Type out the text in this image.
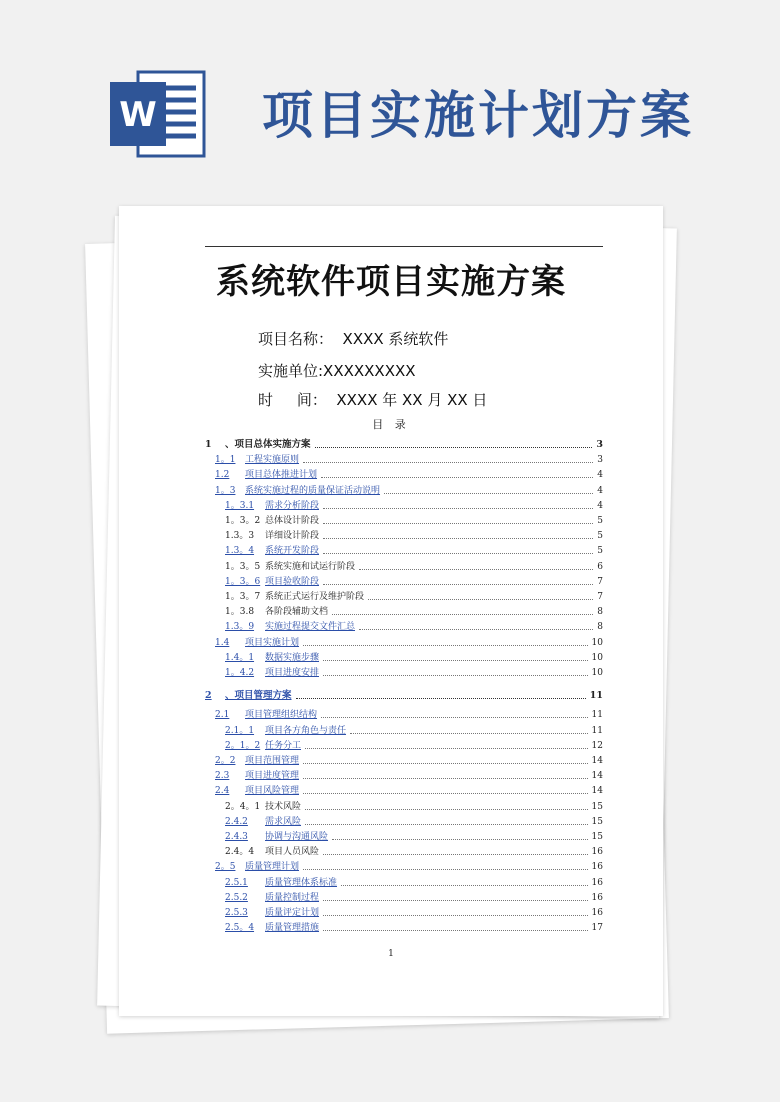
W 项目实施计划方案
系统软件项目实施方案
项目名称：  XXXX 系统软件
实施单位:XXXXXXXXX
时     间：  XXXX 年 XX 月 XX 日
目 录
1 、项目总体实施方案	3
1。1 工程实施原则	3
1.2 项目总体推进计划	4
1。3 系统实施过程的质量保证活动说明	4
1。3.1 需求分析阶段	4
1。3。2 总体设计阶段	5
1.3。3 详细设计阶段	5
1.3。4 系统开发阶段	5
1。3。5 系统实施和试运行阶段	6
1。3。6 项目验收阶段	7
1。3。7 系统正式运行及维护阶段	7
1。3.8 各阶段辅助文档	8
1.3。9 实施过程提交文件汇总	8
1.4 项目实施计划	10
1.4。1 数据实施步骤	10
1。4.2 项目进度安排	10
2 、项目管理方案	11
2.1 项目管理组织结构	11
2.1。1 项目各方角色与责任	11
2。1。2 任务分工	12
2。2 项目范围管理	14
2.3 项目进度管理	14
2.4 项目风险管理	14
2。4。1 技术风险	15
2.4.2 需求风险	15
2.4.3 协调与沟通风险	15
2.4。4 项目人员风险	16
2。5 质量管理计划	16
2.5.1 质量管理体系标准	16
2.5.2 质量控制过程	16
2.5.3 质量评定计划	16
2.5。4 质量管理措施	17
1
